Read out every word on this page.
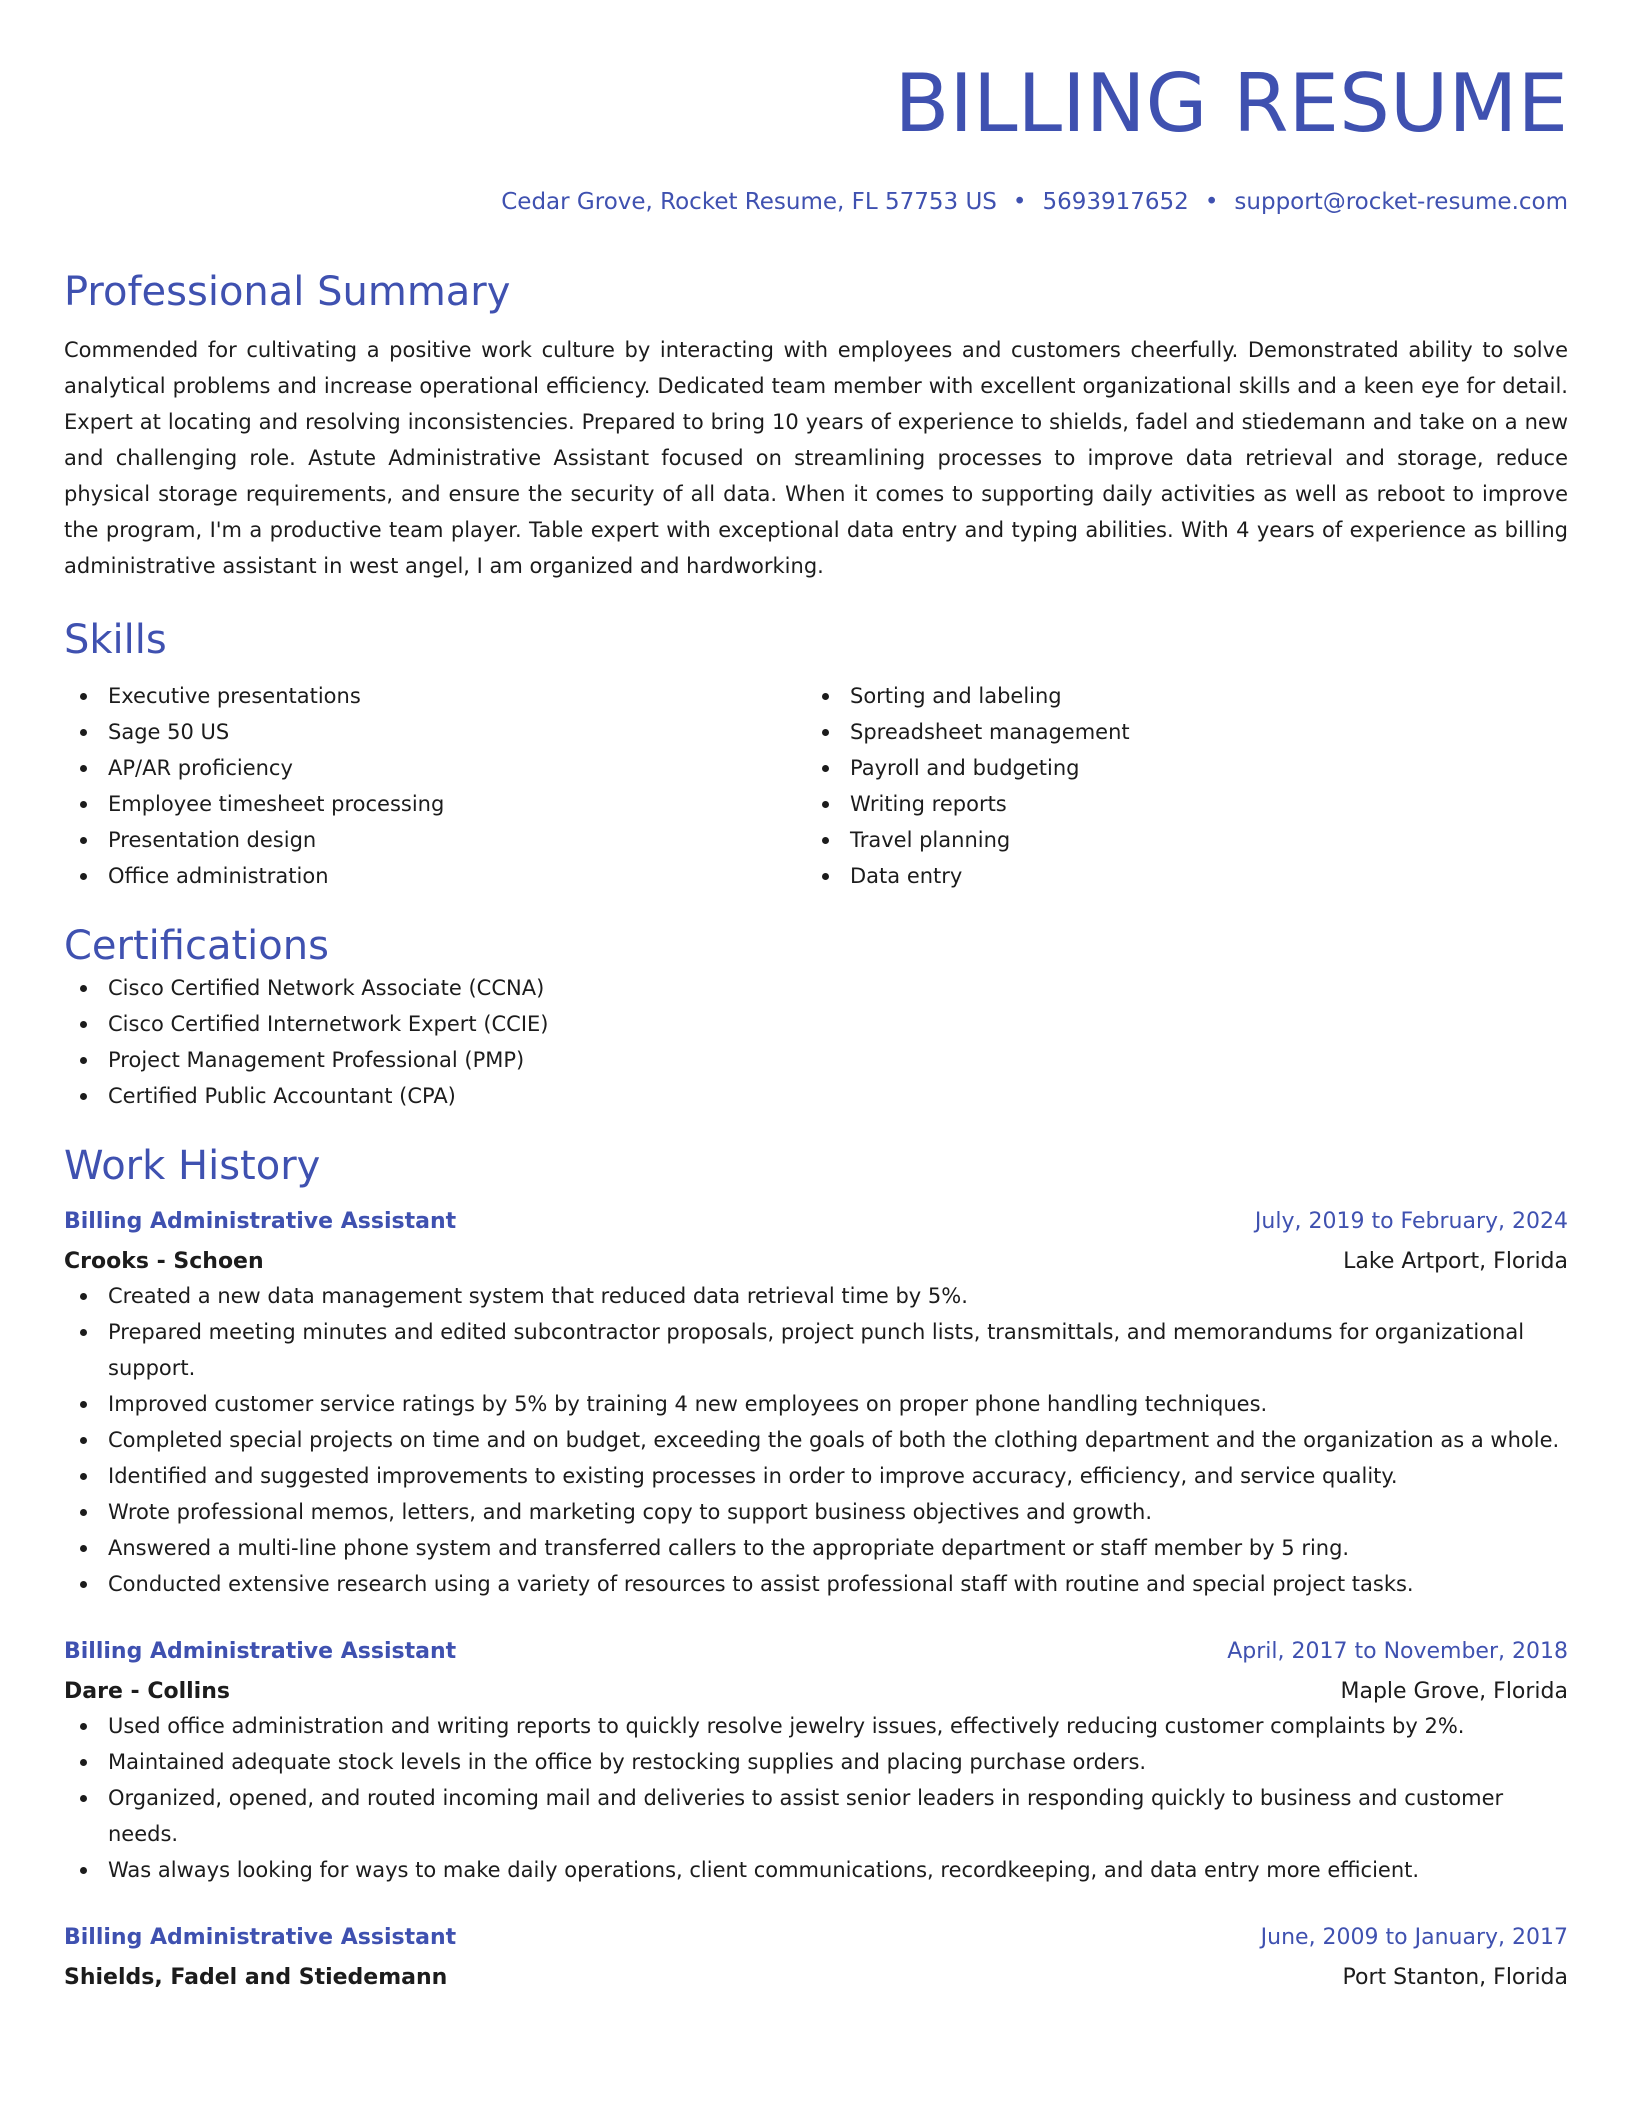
BILLING RESUME
Cedar Grove, Rocket Resume, FL 57753 US • 5693917652 • support@rocket-resume.com
Professional Summary
Commended for cultivating a positive work culture by interacting with employees and customers cheerfully. Demonstrated ability to solve analytical problems and increase operational efficiency. Dedicated team member with excellent organizational skills and a keen eye for detail. Expert at locating and resolving inconsistencies. Prepared to bring 10 years of experience to shields, fadel and stiedemann and take on a new and challenging role. Astute Administrative Assistant focused on streamlining processes to improve data retrieval and storage, reduce physical storage requirements, and ensure the security of all data. When it comes to supporting daily activities as well as reboot to improve the program, I'm a productive team player. Table expert with exceptional data entry and typing abilities. With 4 years of experience as billing administrative assistant in west angel, I am organized and hardworking.
Skills
Executive presentations
Sage 50 US
AP/AR proficiency
Employee timesheet processing
Presentation design
Office administration
Sorting and labeling
Spreadsheet management
Payroll and budgeting
Writing reports
Travel planning
Data entry
Certifications
Cisco Certified Network Associate (CCNA)
Cisco Certified Internetwork Expert (CCIE)
Project Management Professional (PMP)
Certified Public Accountant (CPA)
Work History
Billing Administrative Assistant	July, 2019 to February, 2024
Crooks - Schoen	Lake Artport, Florida
Created a new data management system that reduced data retrieval time by 5%.
Prepared meeting minutes and edited subcontractor proposals, project punch lists, transmittals, and memorandums for organizational support.
Improved customer service ratings by 5% by training 4 new employees on proper phone handling techniques.
Completed special projects on time and on budget, exceeding the goals of both the clothing department and the organization as a whole.
Identified and suggested improvements to existing processes in order to improve accuracy, efficiency, and service quality.
Wrote professional memos, letters, and marketing copy to support business objectives and growth.
Answered a multi-line phone system and transferred callers to the appropriate department or staff member by 5 ring.
Conducted extensive research using a variety of resources to assist professional staff with routine and special project tasks.
Billing Administrative Assistant	April, 2017 to November, 2018
Dare - Collins	Maple Grove, Florida
Used office administration and writing reports to quickly resolve jewelry issues, effectively reducing customer complaints by 2%.
Maintained adequate stock levels in the office by restocking supplies and placing purchase orders.
Organized, opened, and routed incoming mail and deliveries to assist senior leaders in responding quickly to business and customer needs.
Was always looking for ways to make daily operations, client communications, recordkeeping, and data entry more efficient.
Billing Administrative Assistant	June, 2009 to January, 2017
Shields, Fadel and Stiedemann	Port Stanton, Florida
